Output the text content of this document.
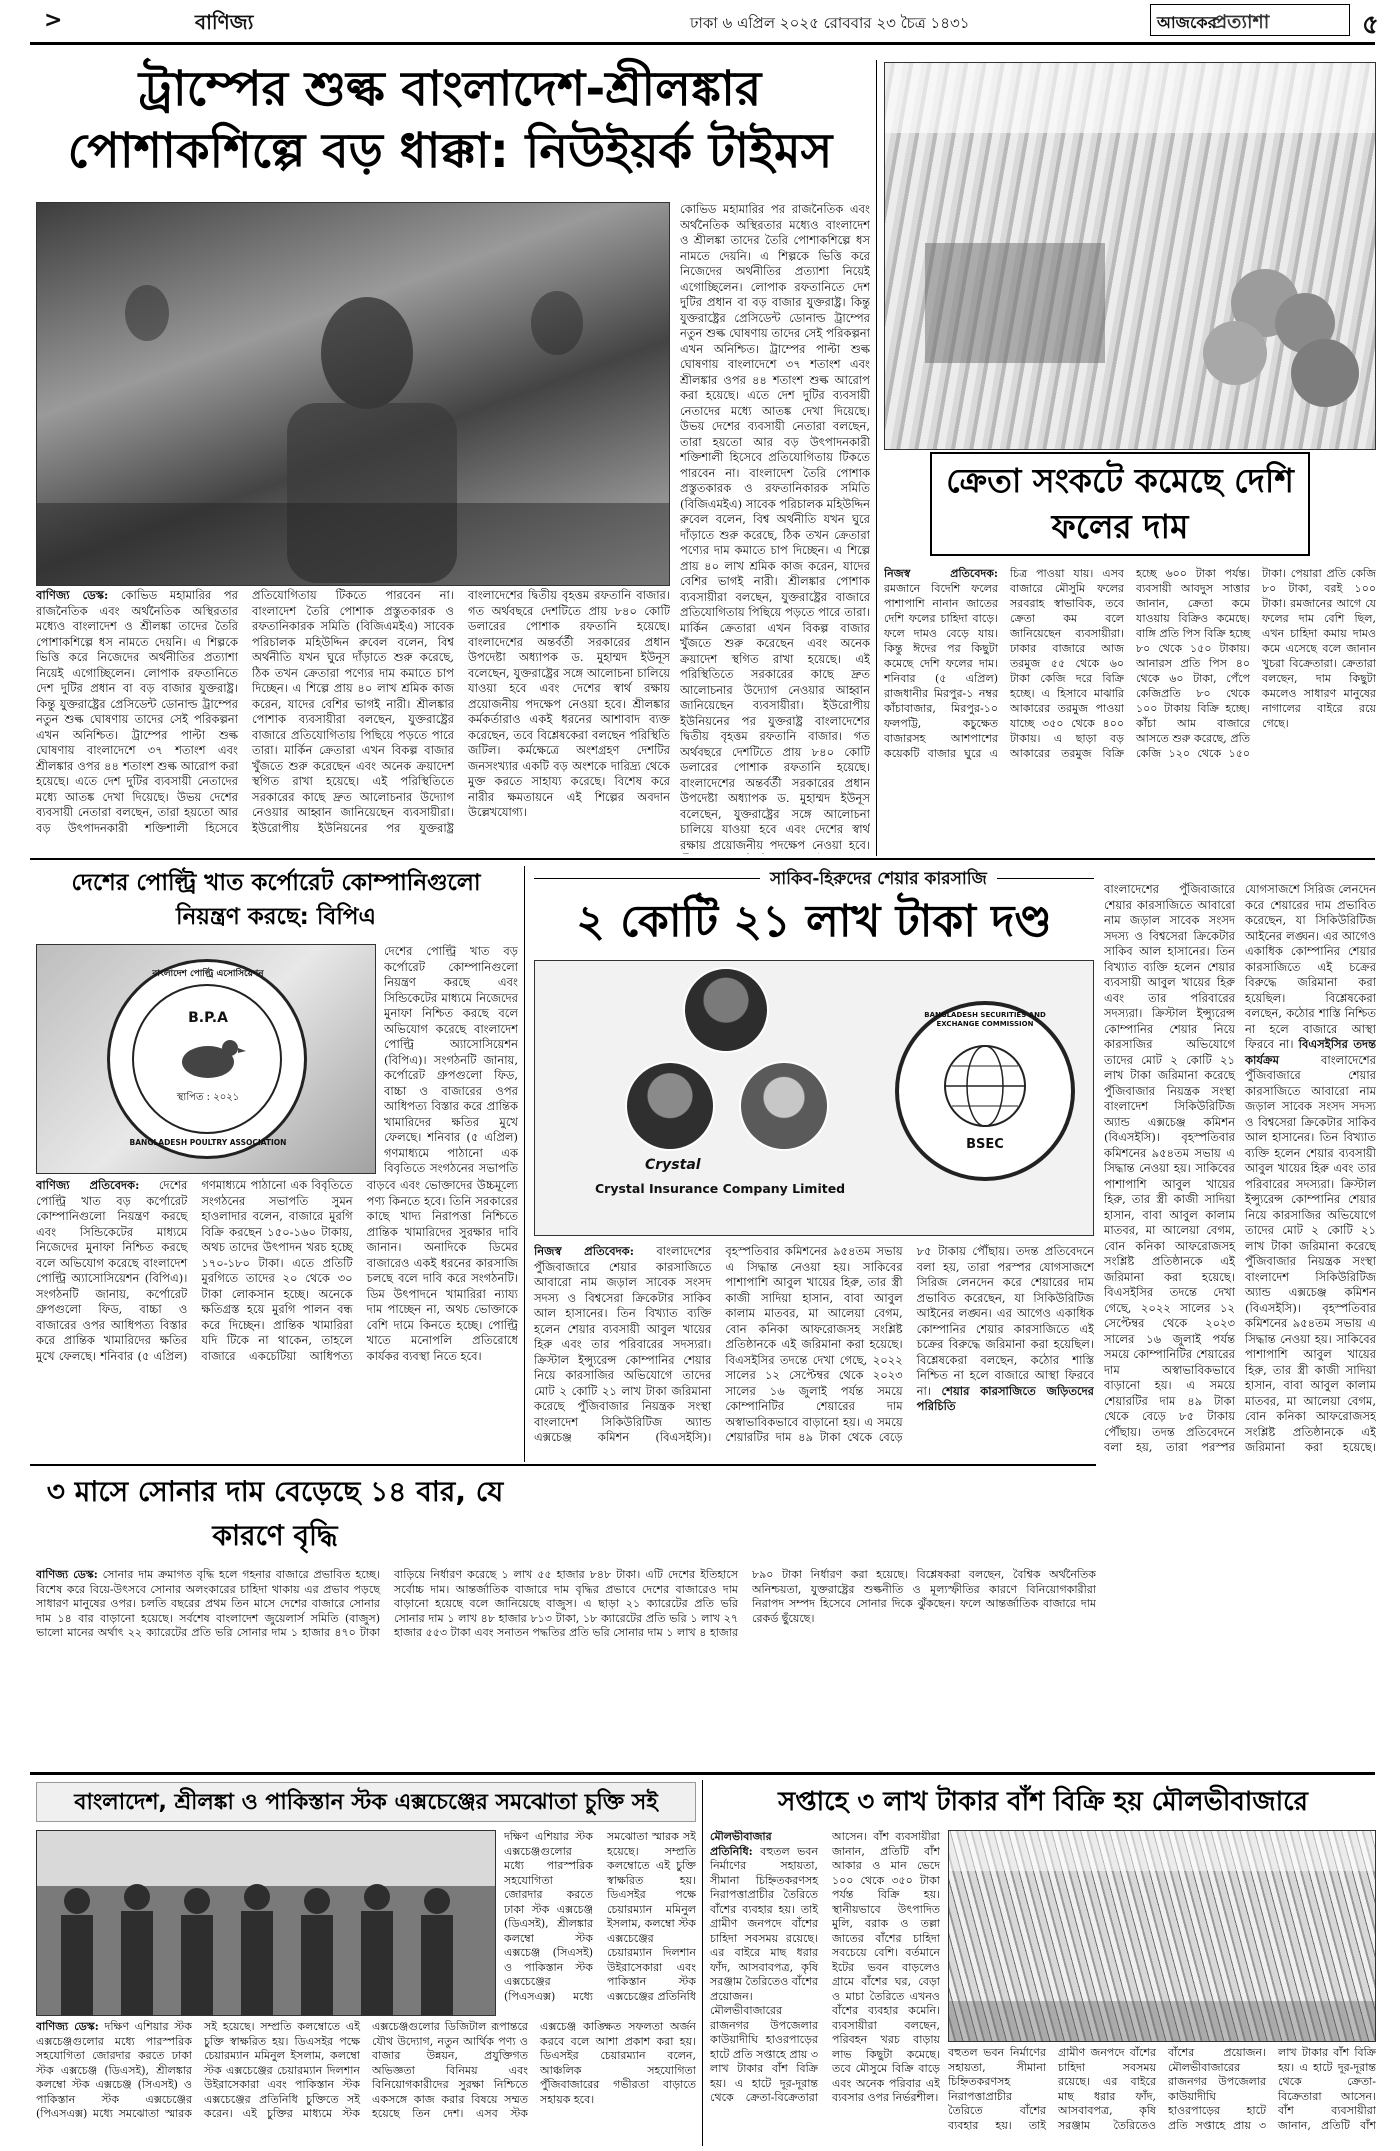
>	বাণিজ্য	ঢাকা ৬ এপ্রিল ২০২৫ রোববার ২৩ চৈত্র ১৪৩১	আজকের
প্রত্যাশা	৫
ট্রাম্পের শুল্ক বাংলাদেশ-শ্রীলঙ্কার পোশাকশিল্পে বড় ধাক্কা: নিউইয়র্ক টাইমস
বাণিজ্য ডেস্ক: কোভিড মহামারির পর রাজনৈতিক এবং অর্থনৈতিক অস্থিরতার মধ্যেও বাংলাদেশ ও শ্রীলঙ্কা তাদের তৈরি পোশাকশিল্পে ধস নামতে দেয়নি। এ শিল্পকে ভিত্তি করে নিজেদের অর্থনীতির প্রত্যাশা নিয়েই এগোচ্ছিলেন। লোপাক রফতানিতে দেশ দুটির প্রধান বা বড় বাজার যুক্তরাষ্ট্র। কিন্তু যুক্তরাষ্ট্রের প্রেসিডেন্ট ডোনাল্ড ট্রাম্পের নতুন শুল্ক ঘোষণায় তাদের সেই পরিকল্পনা এখন অনিশ্চিত। ট্রাম্পের পাল্টা শুল্ক ঘোষণায় বাংলাদেশে ৩৭ শতাংশ এবং শ্রীলঙ্কার ওপর ৪৪ শতাংশ শুল্ক আরোপ করা হয়েছে। এতে দেশ দুটির ব্যবসায়ী নেতাদের মধ্যে আতঙ্ক দেখা দিয়েছে। উভয় দেশের ব্যবসায়ী নেতারা বলছেন, তারা হয়তো আর বড় উৎপাদনকারী শক্তিশালী হিসেবে প্রতিযোগিতায় টিকতে পারবেন না। বাংলাদেশ তৈরি পোশাক প্রস্তুতকারক ও রফতানিকারক সমিতি (বিজিএমইএ) সাবেক পরিচালক মহিউদ্দিন রুবেল বলেন, বিশ্ব অর্থনীতি যখন ঘুরে দাঁড়াতে শুরু করেছে, ঠিক তখন ক্রেতারা পণ্যের দাম কমাতে চাপ দিচ্ছেন। এ শিল্পে প্রায় ৪০ লাখ শ্রমিক কাজ করেন, যাদের বেশির ভাগই নারী। শ্রীলঙ্কার পোশাক ব্যবসায়ীরা বলছেন, যুক্তরাষ্ট্রের বাজারে প্রতিযোগিতায় পিছিয়ে পড়তে পারে তারা। মার্কিন ক্রেতারা এখন বিকল্প বাজার খুঁজতে শুরু করেছেন এবং অনেক ক্রয়াদেশ স্থগিত রাখা হয়েছে। এই পরিস্থিতিতে সরকারের কাছে দ্রুত আলোচনার উদ্যোগ নেওয়ার আহ্বান জানিয়েছেন ব্যবসায়ীরা। ইউরোপীয় ইউনিয়নের পর যুক্তরাষ্ট্র বাংলাদেশের দ্বিতীয় বৃহত্তম রফতানি বাজার। গত অর্থবছরে দেশটিতে প্রায় ৮৪০ কোটি ডলারের পোশাক রফতানি হয়েছে। বাংলাদেশের অন্তর্বর্তী সরকারের প্রধান উপদেষ্টা অধ্যাপক ড. মুহাম্মদ ইউনূস বলেছেন, যুক্তরাষ্ট্রের সঙ্গে আলোচনা চালিয়ে যাওয়া হবে এবং দেশের স্বার্থ রক্ষায় প্রয়োজনীয় পদক্ষেপ নেওয়া হবে। শ্রীলঙ্কার কর্মকর্তারাও একই ধরনের আশাবাদ ব্যক্ত করেছেন, তবে বিশ্লেষকেরা বলছেন পরিস্থিতি জটিল। কর্মক্ষেত্রে অংশগ্রহণ দেশটির জনসংখ্যার একটি বড় অংশকে দারিদ্র্য থেকে মুক্ত করতে সাহায্য করেছে। বিশেষ করে নারীর ক্ষমতায়নে এই শিল্পের অবদান উল্লেখযোগ্য।
কোভিড মহামারির পর রাজনৈতিক এবং অর্থনৈতিক অস্থিরতার মধ্যেও বাংলাদেশ ও শ্রীলঙ্কা তাদের তৈরি পোশাকশিল্পে ধস নামতে দেয়নি। এ শিল্পকে ভিত্তি করে নিজেদের অর্থনীতির প্রত্যাশা নিয়েই এগোচ্ছিলেন। লোপাক রফতানিতে দেশ দুটির প্রধান বা বড় বাজার যুক্তরাষ্ট্র। কিন্তু যুক্তরাষ্ট্রের প্রেসিডেন্ট ডোনাল্ড ট্রাম্পের নতুন শুল্ক ঘোষণায় তাদের সেই পরিকল্পনা এখন অনিশ্চিত। ট্রাম্পের পাল্টা শুল্ক ঘোষণায় বাংলাদেশে ৩৭ শতাংশ এবং শ্রীলঙ্কার ওপর ৪৪ শতাংশ শুল্ক আরোপ করা হয়েছে। এতে দেশ দুটির ব্যবসায়ী নেতাদের মধ্যে আতঙ্ক দেখা দিয়েছে। উভয় দেশের ব্যবসায়ী নেতারা বলছেন, তারা হয়তো আর বড় উৎপাদনকারী শক্তিশালী হিসেবে প্রতিযোগিতায় টিকতে পারবেন না। বাংলাদেশ তৈরি পোশাক প্রস্তুতকারক ও রফতানিকারক সমিতি (বিজিএমইএ) সাবেক পরিচালক মহিউদ্দিন রুবেল বলেন, বিশ্ব অর্থনীতি যখন ঘুরে দাঁড়াতে শুরু করেছে, ঠিক তখন ক্রেতারা পণ্যের দাম কমাতে চাপ দিচ্ছেন। এ শিল্পে প্রায় ৪০ লাখ শ্রমিক কাজ করেন, যাদের বেশির ভাগই নারী। শ্রীলঙ্কার পোশাক ব্যবসায়ীরা বলছেন, যুক্তরাষ্ট্রের বাজারে প্রতিযোগিতায় পিছিয়ে পড়তে পারে তারা। মার্কিন ক্রেতারা এখন বিকল্প বাজার খুঁজতে শুরু করেছেন এবং অনেক ক্রয়াদেশ স্থগিত রাখা হয়েছে। এই পরিস্থিতিতে সরকারের কাছে দ্রুত আলোচনার উদ্যোগ নেওয়ার আহ্বান জানিয়েছেন ব্যবসায়ীরা। ইউরোপীয় ইউনিয়নের পর যুক্তরাষ্ট্র বাংলাদেশের দ্বিতীয় বৃহত্তম রফতানি বাজার। গত অর্থবছরে দেশটিতে প্রায় ৮৪০ কোটি ডলারের পোশাক রফতানি হয়েছে। বাংলাদেশের অন্তর্বর্তী সরকারের প্রধান উপদেষ্টা অধ্যাপক ড. মুহাম্মদ ইউনূস বলেছেন, যুক্তরাষ্ট্রের সঙ্গে আলোচনা চালিয়ে যাওয়া হবে এবং দেশের স্বার্থ রক্ষায় প্রয়োজনীয় পদক্ষেপ নেওয়া হবে।
ক্রেতা সংকটে কমেছে দেশি ফলের দাম
নিজস্ব প্রতিবেদক: রমজানে বিদেশি ফলের পাশাপাশি নানান জাতের দেশি ফলের চাহিদা বাড়ে। ফলে দামও বেড়ে যায়। কিন্তু ঈদের পর কিছুটা কমেছে দেশি ফলের দাম। শনিবার (৫ এপ্রিল) রাজধানীর মিরপুর-১ নম্বর কাঁচাবাজার, মিরপুর-১০ ফলপট্টি, কচুক্ষেত বাজারসহ আশপাশের কয়েকটি বাজার ঘুরে এ চিত্র পাওয়া যায়। এসব বাজারে মৌসুমি ফলের সরবরাহ স্বাভাবিক, তবে ক্রেতা কম বলে জানিয়েছেন ব্যবসায়ীরা। ঢাকার বাজারে আজ তরমুজ ৫৫ থেকে ৬০ টাকা কেজি দরে বিক্রি হচ্ছে। এ হিসাবে মাঝারি আকারের তরমুজ পাওয়া যাচ্ছে ৩৫০ থেকে ৪০০ টাকায়। এ ছাড়া বড় আকারের তরমুজ বিক্রি হচ্ছে ৬০০ টাকা পর্যন্ত। ব্যবসায়ী আবদুস সাত্তার জানান, ক্রেতা কমে যাওয়ায় বিক্রিও কমেছে। বাঙ্গি প্রতি পিস বিক্রি হচ্ছে ৮০ থেকে ১৫০ টাকায়। আনারস প্রতি পিস ৪০ থেকে ৬০ টাকা, পেঁপে কেজিপ্রতি ৮০ থেকে ১০০ টাকায় বিক্রি হচ্ছে। কাঁচা আম বাজারে আসতে শুরু করেছে, প্রতি কেজি ১২০ থেকে ১৫০ টাকা। পেয়ারা প্রতি কেজি ৮০ টাকা, বরই ১০০ টাকা। রমজানের আগে যে ফলের দাম বেশি ছিল, এখন চাহিদা কমায় দামও কমে এসেছে বলে জানান খুচরা বিক্রেতারা। ক্রেতারা বলছেন, দাম কিছুটা কমলেও সাধারণ মানুষের নাগালের বাইরে রয়ে গেছে।
দেশের পোল্ট্রি খাত কর্পোরেট কোম্পানিগুলো নিয়ন্ত্রণ করছে: বিপিএ
বাংলাদেশ পোল্ট্রি এসোসিয়েশন
B.P.A
স্থাপিত : ২০২১
BANGLADESH POULTRY ASSOCIATION
দেশের পোল্ট্রি খাত বড় কর্পোরেট কোম্পানিগুলো নিয়ন্ত্রণ করছে এবং সিন্ডিকেটের মাধ্যমে নিজেদের মুনাফা নিশ্চিত করছে বলে অভিযোগ করেছে বাংলাদেশ পোল্ট্রি অ্যাসোসিয়েশন (বিপিএ)। সংগঠনটি জানায়, কর্পোরেট গ্রুপগুলো ফিড, বাচ্চা ও বাজারের ওপর আধিপত্য বিস্তার করে প্রান্তিক খামারিদের ক্ষতির মুখে ফেলছে। শনিবার (৫ এপ্রিল) গণমাধ্যমে পাঠানো এক বিবৃতিতে সংগঠনের সভাপতি
বাণিজ্য প্রতিবেদক: দেশের পোল্ট্রি খাত বড় কর্পোরেট কোম্পানিগুলো নিয়ন্ত্রণ করছে এবং সিন্ডিকেটের মাধ্যমে নিজেদের মুনাফা নিশ্চিত করছে বলে অভিযোগ করেছে বাংলাদেশ পোল্ট্রি অ্যাসোসিয়েশন (বিপিএ)। সংগঠনটি জানায়, কর্পোরেট গ্রুপগুলো ফিড, বাচ্চা ও বাজারের ওপর আধিপত্য বিস্তার করে প্রান্তিক খামারিদের ক্ষতির মুখে ফেলছে। শনিবার (৫ এপ্রিল) গণমাধ্যমে পাঠানো এক বিবৃতিতে সংগঠনের সভাপতি সুমন হাওলাদার বলেন, বাজারে মুরগি বিক্রি করছেন ১৫০-১৬০ টাকায়, অথচ তাদের উৎপাদন খরচ হচ্ছে ১৭০-১৮০ টাকা। এতে প্রতিটি মুরগিতে তাদের ২০ থেকে ৩০ টাকা লোকসান হচ্ছে। অনেকে ক্ষতিগ্রস্ত হয়ে মুরগি পালন বন্ধ করে দিচ্ছেন। প্রান্তিক খামারিরা যদি টিকে না থাকেন, তাহলে বাজারে একচেটিয়া আধিপত্য বাড়বে এবং ভোক্তাদের উচ্চমূল্যে পণ্য কিনতে হবে। তিনি সরকারের কাছে খাদ্য নিরাপত্তা নিশ্চিতে প্রান্তিক খামারিদের সুরক্ষার দাবি জানান। অনাদিকে ডিমের বাজারেও একই ধরনের কারসাজি চলছে বলে দাবি করে সংগঠনটি। ডিম উৎপাদনে খামারিরা ন্যায্য দাম পাচ্ছেন না, অথচ ভোক্তাকে বেশি দামে কিনতে হচ্ছে। পোল্ট্রি খাতে মনোপলি প্রতিরোধে কার্যকর ব্যবস্থা নিতে হবে।
সাকিব-হিরুদের শেয়ার কারসাজি
২ কোটি ২১ লাখ টাকা দণ্ড
Crystal
Crystal Insurance Company Limited
BANGLADESH SECURITIES AND EXCHANGE COMMISSION
BSEC
নিজস্ব প্রতিবেদক: বাংলাদেশের পুঁজিবাজারে শেয়ার কারসাজিতে আবারো নাম জড়াল সাবেক সংসদ সদস্য ও বিশ্বসেরা ক্রিকেটার সাকিব আল হাসানের। তিন বিখ্যাত ব্যক্তি হলেন শেয়ার ব্যবসায়ী আবুল খায়ের হিরু এবং তার পরিবারের সদস্যরা। ক্রিস্টাল ইন্স্যুরেন্স কোম্পানির শেয়ার নিয়ে কারসাজির অভিযোগে তাদের মোট ২ কোটি ২১ লাখ টাকা জরিমানা করেছে পুঁজিবাজার নিয়ন্ত্রক সংস্থা বাংলাদেশ সিকিউরিটিজ অ্যান্ড এক্সচেঞ্জ কমিশন (বিএসইসি)। বৃহস্পতিবার কমিশনের ৯৫৪তম সভায় এ সিদ্ধান্ত নেওয়া হয়। সাকিবের পাশাপাশি আবুল খায়ের হিরু, তার স্ত্রী কাজী সাদিয়া হাসান, বাবা আবুল কালাম মাতবর, মা আলেয়া বেগম, বোন কনিকা আফরোজসহ সংশ্লিষ্ট প্রতিষ্ঠানকে এই জরিমানা করা হয়েছে। বিএসইসির তদন্তে দেখা গেছে, ২০২২ সালের ১২ সেপ্টেম্বর থেকে ২০২৩ সালের ১৬ জুলাই পর্যন্ত সময়ে কোম্পানিটির শেয়ারের দাম অস্বাভাবিকভাবে বাড়ানো হয়। এ সময়ে শেয়ারটির দাম ৪৯ টাকা থেকে বেড়ে ৮৫ টাকায় পৌঁছায়। তদন্ত প্রতিবেদনে বলা হয়, তারা পরস্পর যোগসাজশে সিরিজ লেনদেন করে শেয়ারের দাম প্রভাবিত করেছেন, যা সিকিউরিটিজ আইনের লঙ্ঘন। এর আগেও একাধিক কোম্পানির শেয়ার কারসাজিতে এই চক্রের বিরুদ্ধে জরিমানা করা হয়েছিল। বিশ্লেষকেরা বলছেন, কঠোর শাস্তি নিশ্চিত না হলে বাজারে আস্থা ফিরবে না। শেয়ার কারসাজিতে জড়িতদের পরিচিতি
বাংলাদেশের পুঁজিবাজারে শেয়ার কারসাজিতে আবারো নাম জড়াল সাবেক সংসদ সদস্য ও বিশ্বসেরা ক্রিকেটার সাকিব আল হাসানের। তিন বিখ্যাত ব্যক্তি হলেন শেয়ার ব্যবসায়ী আবুল খায়ের হিরু এবং তার পরিবারের সদস্যরা। ক্রিস্টাল ইন্স্যুরেন্স কোম্পানির শেয়ার নিয়ে কারসাজির অভিযোগে তাদের মোট ২ কোটি ২১ লাখ টাকা জরিমানা করেছে পুঁজিবাজার নিয়ন্ত্রক সংস্থা বাংলাদেশ সিকিউরিটিজ অ্যান্ড এক্সচেঞ্জ কমিশন (বিএসইসি)। বৃহস্পতিবার কমিশনের ৯৫৪তম সভায় এ সিদ্ধান্ত নেওয়া হয়। সাকিবের পাশাপাশি আবুল খায়ের হিরু, তার স্ত্রী কাজী সাদিয়া হাসান, বাবা আবুল কালাম মাতবর, মা আলেয়া বেগম, বোন কনিকা আফরোজসহ সংশ্লিষ্ট প্রতিষ্ঠানকে এই জরিমানা করা হয়েছে। বিএসইসির তদন্তে দেখা গেছে, ২০২২ সালের ১২ সেপ্টেম্বর থেকে ২০২৩ সালের ১৬ জুলাই পর্যন্ত সময়ে কোম্পানিটির শেয়ারের দাম অস্বাভাবিকভাবে বাড়ানো হয়। এ সময়ে শেয়ারটির দাম ৪৯ টাকা থেকে বেড়ে ৮৫ টাকায় পৌঁছায়। তদন্ত প্রতিবেদনে বলা হয়, তারা পরস্পর যোগসাজশে সিরিজ লেনদেন করে শেয়ারের দাম প্রভাবিত করেছেন, যা সিকিউরিটিজ আইনের লঙ্ঘন। এর আগেও একাধিক কোম্পানির শেয়ার কারসাজিতে এই চক্রের বিরুদ্ধে জরিমানা করা হয়েছিল। বিশ্লেষকেরা বলছেন, কঠোর শাস্তি নিশ্চিত না হলে বাজারে আস্থা ফিরবে না। বিএসইসির তদন্ত কার্যক্রম	বাংলাদেশের পুঁজিবাজারে শেয়ার কারসাজিতে আবারো নাম জড়াল সাবেক সংসদ সদস্য ও বিশ্বসেরা ক্রিকেটার সাকিব আল হাসানের। তিন বিখ্যাত ব্যক্তি হলেন শেয়ার ব্যবসায়ী আবুল খায়ের হিরু এবং তার পরিবারের সদস্যরা। ক্রিস্টাল ইন্স্যুরেন্স কোম্পানির শেয়ার নিয়ে কারসাজির অভিযোগে তাদের মোট ২ কোটি ২১ লাখ টাকা জরিমানা করেছে পুঁজিবাজার নিয়ন্ত্রক সংস্থা বাংলাদেশ সিকিউরিটিজ অ্যান্ড এক্সচেঞ্জ কমিশন (বিএসইসি)। বৃহস্পতিবার কমিশনের ৯৫৪তম সভায় এ সিদ্ধান্ত নেওয়া হয়। সাকিবের পাশাপাশি আবুল খায়ের হিরু, তার স্ত্রী কাজী সাদিয়া হাসান, বাবা আবুল কালাম মাতবর, মা আলেয়া বেগম, বোন কনিকা আফরোজসহ সংশ্লিষ্ট প্রতিষ্ঠানকে এই জরিমানা করা হয়েছে।
৩ মাসে সোনার দাম বেড়েছে ১৪ বার, যে কারণে বৃদ্ধি
বাণিজ্য ডেস্ক: সোনার দাম ক্রমাগত বৃদ্ধি হলে গহনার বাজারে প্রভাবিত হচ্ছে। বিশেষ করে বিয়ে-উৎসবে সোনার অলংকারের চাহিদা থাকায় এর প্রভাব পড়ছে সাধারণ মানুষের ওপর। চলতি বছরের প্রথম তিন মাসে দেশের বাজারে সোনার দাম ১৪ বার বাড়ানো হয়েছে। সর্বশেষ বাংলাদেশ জুয়েলার্স সমিতি (বাজুস) ভালো মানের অর্থাৎ ২২ ক্যারেটের প্রতি ভরি সোনার দাম ১ হাজার ৪৭০ টাকা বাড়িয়ে নির্ধারণ করেছে ১ লাখ ৫৫ হাজার ৮৪৮ টাকা। এটি দেশের ইতিহাসে সর্বোচ্চ দাম। আন্তর্জাতিক বাজারে দাম বৃদ্ধির প্রভাবে দেশের বাজারেও দাম বাড়ানো হয়েছে বলে জানিয়েছে বাজুস। এ ছাড়া ২১ ক্যারেটের প্রতি ভরি সোনার দাম ১ লাখ ৪৮ হাজার ৮১৩ টাকা, ১৮ ক্যারেটের প্রতি ভরি ১ লাখ ২৭ হাজার ৫৫৩ টাকা এবং সনাতন পদ্ধতির প্রতি ভরি সোনার দাম ১ লাখ ৪ হাজার ৮৯০ টাকা নির্ধারণ করা হয়েছে। বিশ্লেষকরা বলছেন, বৈশ্বিক অর্থনৈতিক অনিশ্চয়তা, যুক্তরাষ্ট্রের শুল্কনীতি ও মূল্যস্ফীতির কারণে বিনিয়োগকারীরা নিরাপদ সম্পদ হিসেবে সোনার দিকে ঝুঁকছেন। ফলে আন্তর্জাতিক বাজারে দাম রেকর্ড ছুঁয়েছে।
বাংলাদেশ, শ্রীলঙ্কা ও পাকিস্তান স্টক এক্সচেঞ্জের সমঝোতা চুক্তি সই
বাণিজ্য ডেস্ক: দক্ষিণ এশিয়ার স্টক এক্সচেঞ্জগুলোর মধ্যে পারস্পরিক সহযোগিতা জোরদার করতে ঢাকা স্টক এক্সচেঞ্জ (ডিএসই), শ্রীলঙ্কার কলম্বো স্টক এক্সচেঞ্জ (সিএসই) ও পাকিস্তান স্টক এক্সচেঞ্জের (পিএসএক্স) মধ্যে সমঝোতা স্মারক সই হয়েছে। সম্প্রতি কলম্বোতে এই চুক্তি স্বাক্ষরিত হয়। ডিএসইর পক্ষে চেয়ারম্যান মমিনুল ইসলাম, কলম্বো স্টক এক্সচেঞ্জের চেয়ারম্যান দিলশান উইরাসেকারা এবং পাকিস্তান স্টক এক্সচেঞ্জের প্রতিনিধি চুক্তিতে সই করেন। এই চুক্তির মাধ্যমে স্টক এক্সচেঞ্জগুলোর ডিজিটাল রূপান্তরে যৌথ উদ্যোগ, নতুন আর্থিক পণ্য ও বাজার উন্নয়ন, প্রযুক্তিগত অভিজ্ঞতা বিনিময় এবং বিনিয়োগকারীদের সুরক্ষা নিশ্চিতে একসঙ্গে কাজ করার বিষয়ে সম্মত হয়েছে তিন দেশ। এসব স্টক এক্সচেঞ্জ কাঙ্ক্ষিত সফলতা অর্জন করবে বলে আশা প্রকাশ করা হয়। ডিএসইর চেয়ারম্যান বলেন, আঞ্চলিক সহযোগিতা পুঁজিবাজারের গভীরতা বাড়াতে সহায়ক হবে।
দক্ষিণ এশিয়ার স্টক এক্সচেঞ্জগুলোর মধ্যে পারস্পরিক সহযোগিতা জোরদার করতে ঢাকা স্টক এক্সচেঞ্জ (ডিএসই), শ্রীলঙ্কার কলম্বো স্টক এক্সচেঞ্জ (সিএসই) ও পাকিস্তান স্টক এক্সচেঞ্জের (পিএসএক্স) মধ্যে সমঝোতা স্মারক সই হয়েছে। সম্প্রতি কলম্বোতে এই চুক্তি স্বাক্ষরিত হয়। ডিএসইর পক্ষে চেয়ারম্যান মমিনুল ইসলাম, কলম্বো স্টক এক্সচেঞ্জের চেয়ারম্যান দিলশান উইরাসেকারা এবং পাকিস্তান স্টক এক্সচেঞ্জের প্রতিনিধি
সপ্তাহে ৩ লাখ টাকার বাঁশ বিক্রি হয় মৌলভীবাজারে
মৌলভীবাজার প্রতিনিধি: বহুতল ভবন নির্মাণের সহায়তা, সীমানা চিহ্নিতকরণসহ নিরাপত্তাপ্রাচীর তৈরিতে বাঁশের ব্যবহার হয়। তাই গ্রামীণ জনপদে বাঁশের চাহিদা সবসময় রয়েছে। এর বাইরে মাছ ধরার ফাঁদ, আসবাবপত্র, কৃষি সরঞ্জাম তৈরিতেও বাঁশের প্রয়োজন। মৌলভীবাজারের রাজনগর উপজেলার কাউয়াদীঘি হাওরপাড়ের হাটে প্রতি সপ্তাহে প্রায় ৩ লাখ টাকার বাঁশ বিক্রি হয়। এ হাটে দূর-দূরান্ত থেকে ক্রেতা-বিক্রেতারা আসেন। বাঁশ ব্যবসায়ীরা জানান, প্রতিটি বাঁশ আকার ও মান ভেদে ১০০ থেকে ৩৫০ টাকা পর্যন্ত বিক্রি হয়। স্থানীয়ভাবে উৎপাদিত মুলি, বরাক ও তল্লা জাতের বাঁশের চাহিদা সবচেয়ে বেশি। বর্তমানে ইটের ভবন বাড়লেও গ্রামে বাঁশের ঘর, বেড়া ও মাচা তৈরিতে এখনও বাঁশের ব্যবহার কমেনি। ব্যবসায়ীরা বলছেন, পরিবহন খরচ বাড়ায় লাভ কিছুটা কমেছে। তবে মৌসুমে বিক্রি বাড়ে এবং অনেক পরিবার এই ব্যবসার ওপর নির্ভরশীল।
বহুতল ভবন নির্মাণের সহায়তা, সীমানা চিহ্নিতকরণসহ নিরাপত্তাপ্রাচীর তৈরিতে বাঁশের ব্যবহার হয়। তাই গ্রামীণ জনপদে বাঁশের চাহিদা সবসময় রয়েছে। এর বাইরে মাছ ধরার ফাঁদ, আসবাবপত্র, কৃষি সরঞ্জাম তৈরিতেও বাঁশের প্রয়োজন। মৌলভীবাজারের রাজনগর উপজেলার কাউয়াদীঘি হাওরপাড়ের হাটে প্রতি সপ্তাহে প্রায় ৩ লাখ টাকার বাঁশ বিক্রি হয়। এ হাটে দূর-দূরান্ত থেকে ক্রেতা-বিক্রেতারা আসেন। বাঁশ ব্যবসায়ীরা জানান, প্রতিটি বাঁশ
